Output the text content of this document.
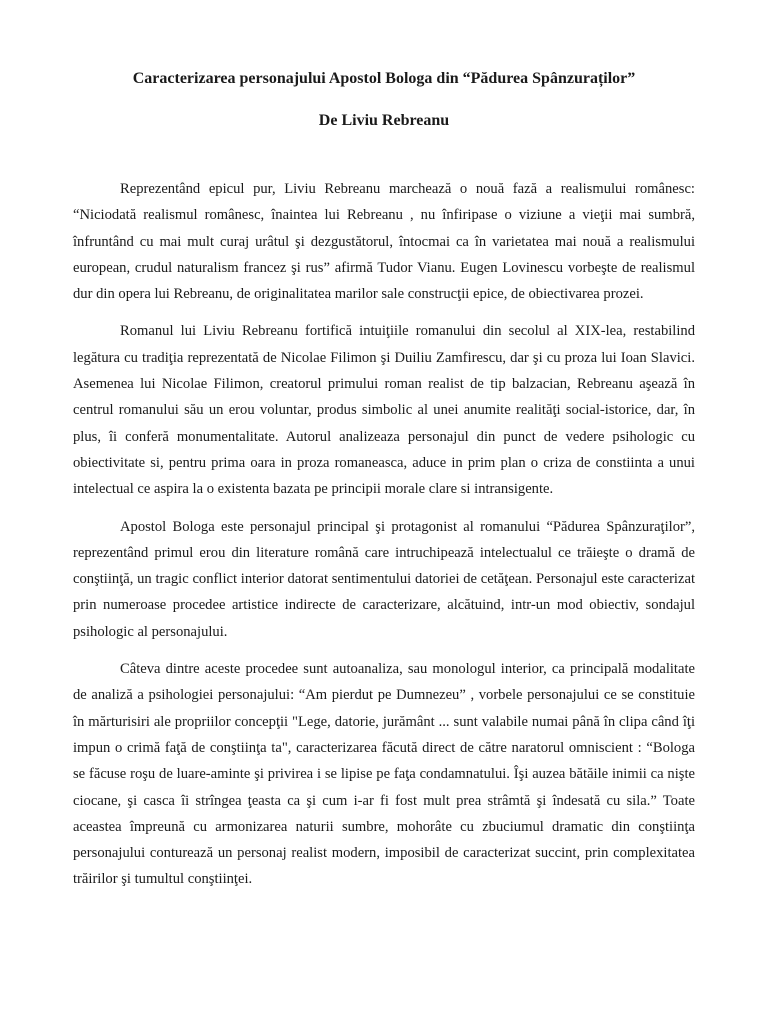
Caracterizarea personajului Apostol Bologa din “Pădurea Spânzuraților”
De Liviu Rebreanu

Reprezentând epicul pur, Liviu Rebreanu marchează o nouă fază a realismului românesc: “Niciodată realismul românesc, înaintea lui Rebreanu , nu înfiripase o viziune a vieţii mai sumbră, înfruntând cu mai mult curaj urâtul şi dezgustătorul, întocmai ca în varietatea mai nouă a realismului european, crudul naturalism francez şi rus” afirmă Tudor Vianu. Eugen Lovinescu vorbeşte de realismul dur din opera lui Rebreanu, de originalitatea marilor sale construcţii epice, de obiectivarea prozei.

Romanul lui Liviu Rebreanu fortifică intuiţiile romanului din secolul al XIX-lea, restabilind legătura cu tradiţia reprezentată de Nicolae Filimon şi Duiliu Zamfirescu, dar şi cu proza lui Ioan Slavici. Asemenea lui Nicolae Filimon, creatorul primului roman realist de tip balzacian, Rebreanu aşează în centrul romanului său un erou voluntar, produs simbolic al unei anumite realităţi social-istorice, dar, în plus, îi conferă monumentalitate. Autorul analizeaza personajul din punct de vedere psihologic cu obiectivitate si, pentru prima oara in proza romaneasca, aduce in prim plan o criza de constiinta a unui intelectual ce aspira la o existenta bazata pe principii morale clare si intransigente.

Apostol Bologa este personajul principal şi protagonist al romanului “Pădurea Spânzuraţilor”, reprezentând primul erou din literature română care intruchipează intelectualul ce trăieşte o dramă de conştiinţă, un tragic conflict interior datorat sentimentului datoriei de cetăţean. Personajul este caracterizat prin numeroase procedee artistice indirecte de caracterizare, alcătuind, intr-un mod obiectiv, sondajul psihologic al personajului.

Câteva dintre aceste procedee sunt autoanaliza, sau monologul interior, ca principală modalitate de analiză a psihologiei personajului: “Am pierdut pe Dumnezeu” , vorbele personajului ce se constituie în mărturisiri ale propriilor concepţii "Lege, datorie, jurământ ... sunt valabile numai până în clipa când îţi impun o crimă faţă de conştiinţa ta", caracterizarea făcută direct de către naratorul omniscient : “Bologa se făcuse roşu de luare-aminte şi privirea i se lipise pe faţa condamnatului. Îşi auzea bătăile inimii ca nişte ciocane, şi casca îi strîngea ţeasta ca şi cum i-ar fi fost mult prea strâmtă şi îndesată cu sila.” Toate aceastea împreună cu armonizarea naturii sumbre, mohorâte cu zbuciumul dramatic din conştiinţa personajului conturează un personaj realist modern, imposibil de caracterizat succint, prin complexitatea trăirilor şi tumultul conştiinţei.
